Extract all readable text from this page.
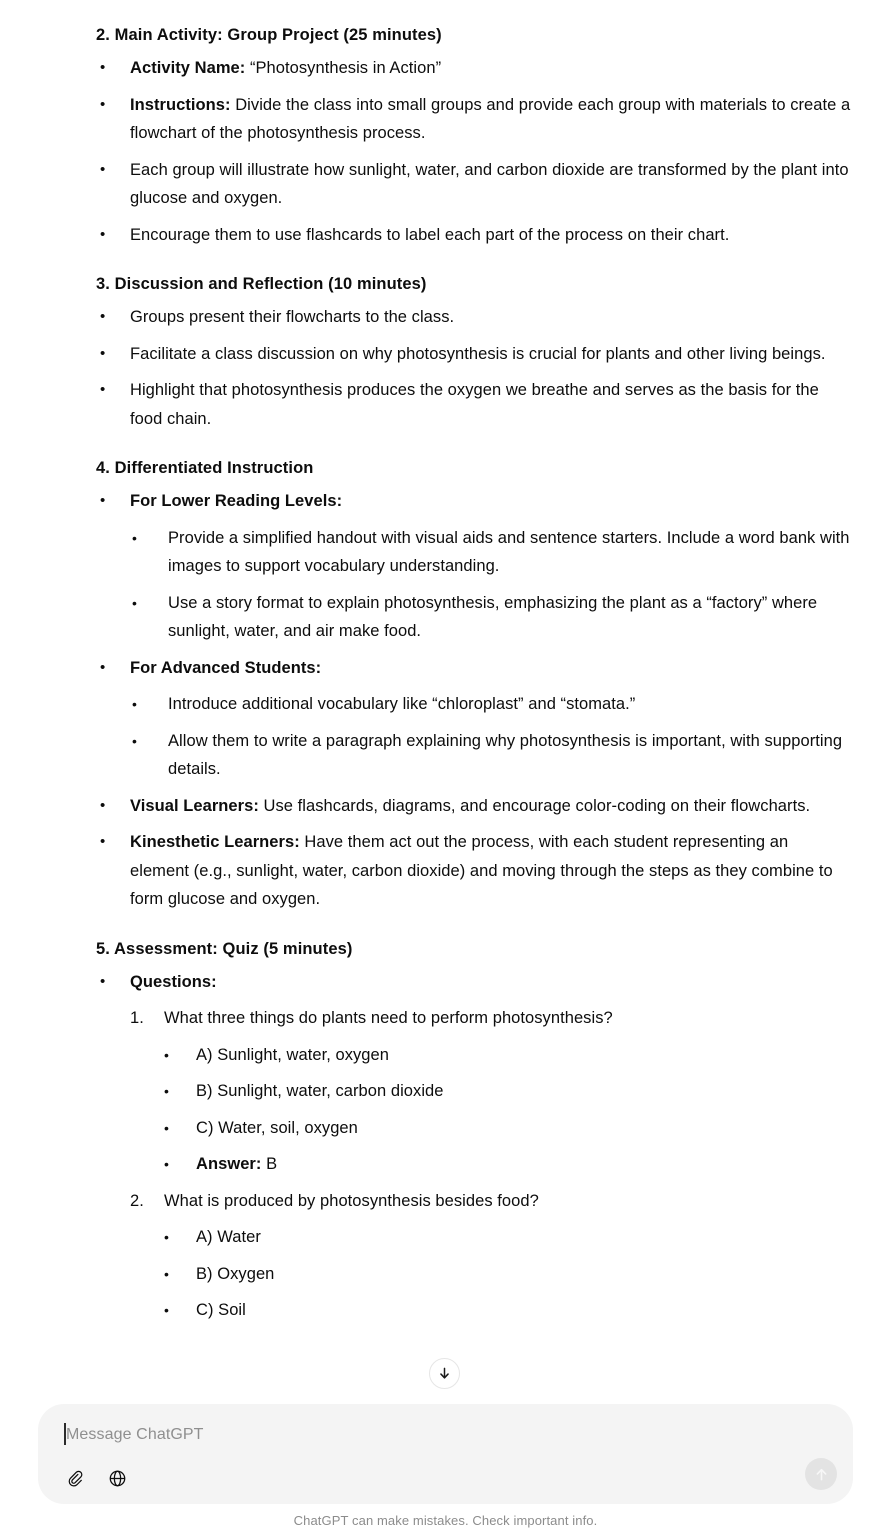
2. Main Activity: Group Project (25 minutes)
• Activity Name: “Photosynthesis in Action”
• Instructions: Divide the class into small groups and provide each group with materials to create a flowchart of the photosynthesis process.
• Each group will illustrate how sunlight, water, and carbon dioxide are transformed by the plant into glucose and oxygen.
• Encourage them to use flashcards to label each part of the process on their chart.
3. Discussion and Reflection (10 minutes)
• Groups present their flowcharts to the class.
• Facilitate a class discussion on why photosynthesis is crucial for plants and other living beings.
• Highlight that photosynthesis produces the oxygen we breathe and serves as the basis for the food chain.
4. Differentiated Instruction
• For Lower Reading Levels:
• Provide a simplified handout with visual aids and sentence starters. Include a word bank with images to support vocabulary understanding.
• Use a story format to explain photosynthesis, emphasizing the plant as a “factory” where sunlight, water, and air make food.
• For Advanced Students:
• Introduce additional vocabulary like “chloroplast” and “stomata.”
• Allow them to write a paragraph explaining why photosynthesis is important, with supporting details.
• Visual Learners: Use flashcards, diagrams, and encourage color-coding on their flowcharts.
• Kinesthetic Learners: Have them act out the process, with each student representing an element (e.g., sunlight, water, carbon dioxide) and moving through the steps as they combine to form glucose and oxygen.
5. Assessment: Quiz (5 minutes)
• Questions:
What three things do plants need to perform photosynthesis?
• A) Sunlight, water, oxygen
• B) Sunlight, water, carbon dioxide
• C) Water, soil, oxygen
• Answer: B
What is produced by photosynthesis besides food?
• A) Water
• B) Oxygen
• C) Soil
Message ChatGPT
ChatGPT can make mistakes. Check important info.
